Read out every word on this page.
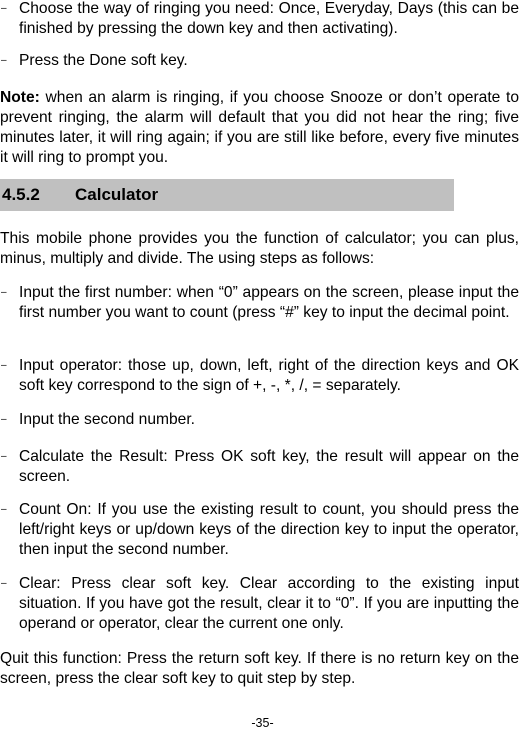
– Choose the way of ringing you need: Once, Everyday, Days (this can be finished by pressing the down key and then activating).
– Press the Done soft key.
Note: when an alarm is ringing, if you choose Snooze or don’t operate to prevent ringing, the alarm will default that you did not hear the ring; five minutes later, it will ring again; if you are still like before, every five minutes it will ring to prompt you.
4.5.2 Calculator
This mobile phone provides you the function of calculator; you can plus, minus, multiply and divide. The using steps as follows:
– Input the first number: when “0” appears on the screen, please input the first number you want to count (press “#” key to input the decimal point.
– Input operator: those up, down, left, right of the direction keys and OK soft key correspond to the sign of +, -, *, /, = separately.
– Input the second number.
– Calculate the Result: Press OK soft key, the result will appear on the screen.
– Count On: If you use the existing result to count, you should press the left/right keys or up/down keys of the direction key to input the operator, then input the second number.
– Clear: Press clear soft key. Clear according to the existing input situation. If you have got the result, clear it to “0”. If you are inputting the operand or operator, clear the current one only.
Quit this function: Press the return soft key. If there is no return key on the screen, press the clear soft key to quit step by step.
-35-
